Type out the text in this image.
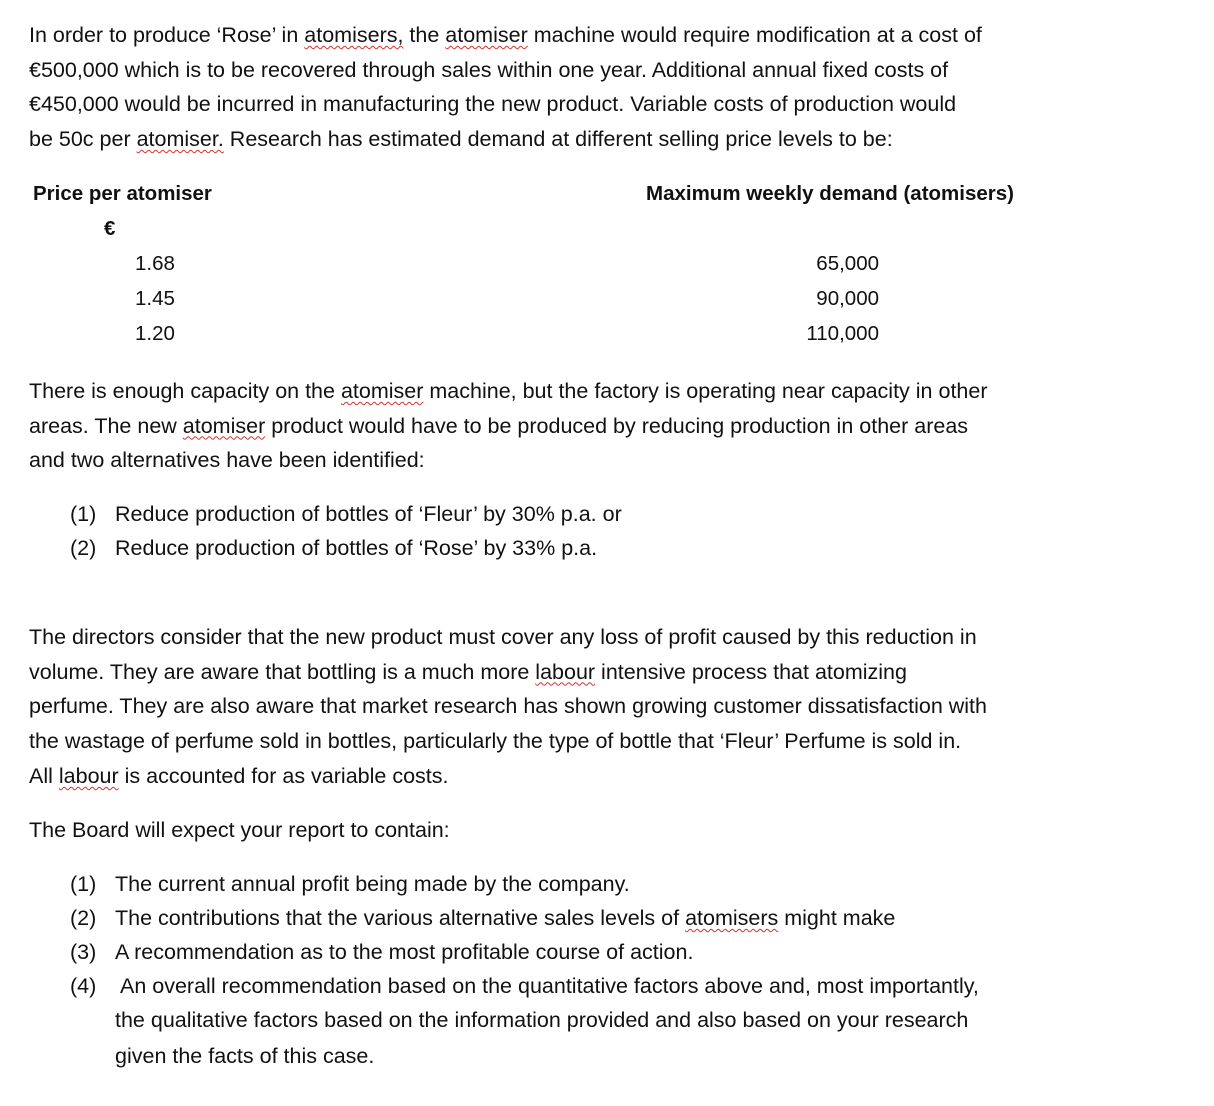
In order to produce ‘Rose’ in atomisers, the atomiser machine would require modification at a cost of
€500,000 which is to be recovered through sales within one year. Additional annual fixed costs of
€450,000 would be incurred in manufacturing the new product. Variable costs of production would
be 50c per atomiser. Research has estimated demand at different selling price levels to be:

Price per atomiser	Maximum weekly demand (atomisers)
€
1.68	65,000
1.45	90,000
1.20	110,000

There is enough capacity on the atomiser machine, but the factory is operating near capacity in other
areas. The new atomiser product would have to be produced by reducing production in other areas
and two alternatives have been identified:

(1) Reduce production of bottles of ‘Fleur’ by 30% p.a. or
(2) Reduce production of bottles of ‘Rose’ by 33% p.a.

The directors consider that the new product must cover any loss of profit caused by this reduction in
volume. They are aware that bottling is a much more labour intensive process that atomizing
perfume. They are also aware that market research has shown growing customer dissatisfaction with
the wastage of perfume sold in bottles, particularly the type of bottle that ‘Fleur’ Perfume is sold in.
All labour is accounted for as variable costs.

The Board will expect your report to contain:

(1) The current annual profit being made by the company.
(2) The contributions that the various alternative sales levels of atomisers might make
(3) A recommendation as to the most profitable course of action.
(4) An overall recommendation based on the quantitative factors above and, most importantly,
the qualitative factors based on the information provided and also based on your research
given the facts of this case.
